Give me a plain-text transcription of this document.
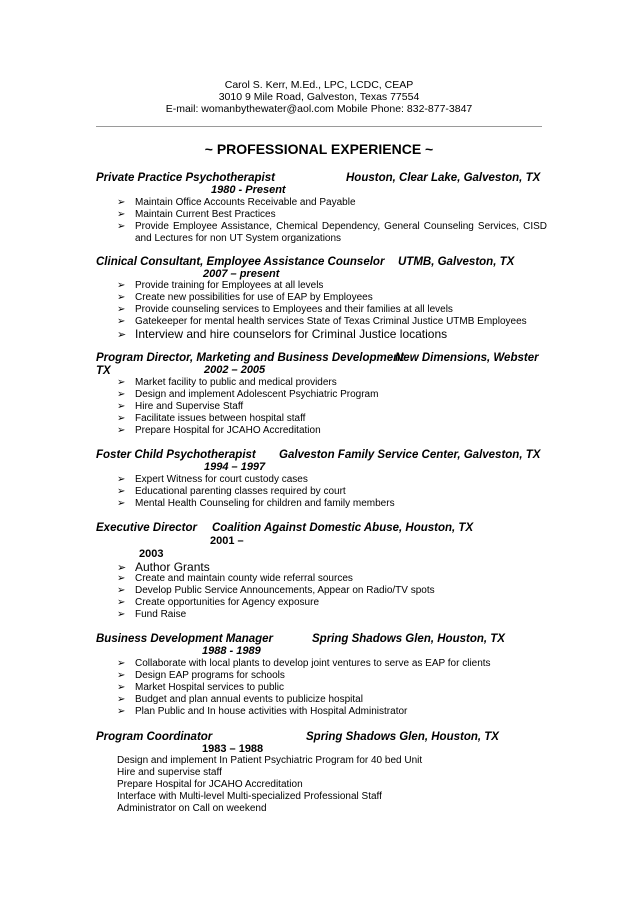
Carol S. Kerr, M.Ed., LPC, LCDC, CEAP
3010 9 Mile Road, Galveston, Texas 77554
E-mail: womanbythewater@aol.com Mobile Phone: 832-877-3847
~ PROFESSIONAL EXPERIENCE ~
Private Practice Psychotherapist	Houston, Clear Lake, Galveston, TX
1980 - Present
➢ Maintain Office Accounts Receivable and Payable
➢ Maintain Current Best Practices
➢ Provide Employee Assistance, Chemical Dependency, General Counseling Services, CISD and Lectures for non UT System organizations
Clinical Consultant, Employee Assistance Counselor UTMB, Galveston, TX
2007 – present
➢ Provide training for Employees at all levels
➢ Create new possibilities for use of EAP by Employees
➢ Provide counseling services to Employees and their families at all levels
➢ Gatekeeper for mental health services State of Texas Criminal Justice UTMB Employees
➢ Interview and hire counselors for Criminal Justice locations
Program Director, Marketing and Business Development
New Dimensions, Webster
TX	2002 – 2005
➢ Market facility to public and medical providers
➢ Design and implement Adolescent Psychiatric Program
➢ Hire and Supervise Staff
➢ Facilitate issues between hospital staff
➢ Prepare Hospital for JCAHO Accreditation
Foster Child Psychotherapist Galveston Family Service Center, Galveston, TX
1994 – 1997
➢ Expert Witness for court custody cases
➢ Educational parenting classes required by court
➢ Mental Health Counseling for children and family members
Executive Director Coalition Against Domestic Abuse, Houston, TX
2001 –
2003
➢ Author Grants
➢ Create and maintain county wide referral sources
➢ Develop Public Service Announcements, Appear on Radio/TV spots
➢ Create opportunities for Agency exposure
➢ Fund Raise
Business Development Manager	Spring Shadows Glen, Houston, TX
1988 - 1989
➢ Collaborate with local plants to develop joint ventures to serve as EAP for clients
➢ Design EAP programs for schools
➢ Market Hospital services to public
➢ Budget and plan annual events to publicize hospital
➢ Plan Public and In house activities with Hospital Administrator
Program Coordinator	Spring Shadows Glen, Houston, TX
1983 – 1988
Design and implement In Patient Psychiatric Program for 40 bed Unit
Hire and supervise staff
Prepare Hospital for JCAHO Accreditation
Interface with Multi-level Multi-specialized Professional Staff
Administrator on Call on weekend
